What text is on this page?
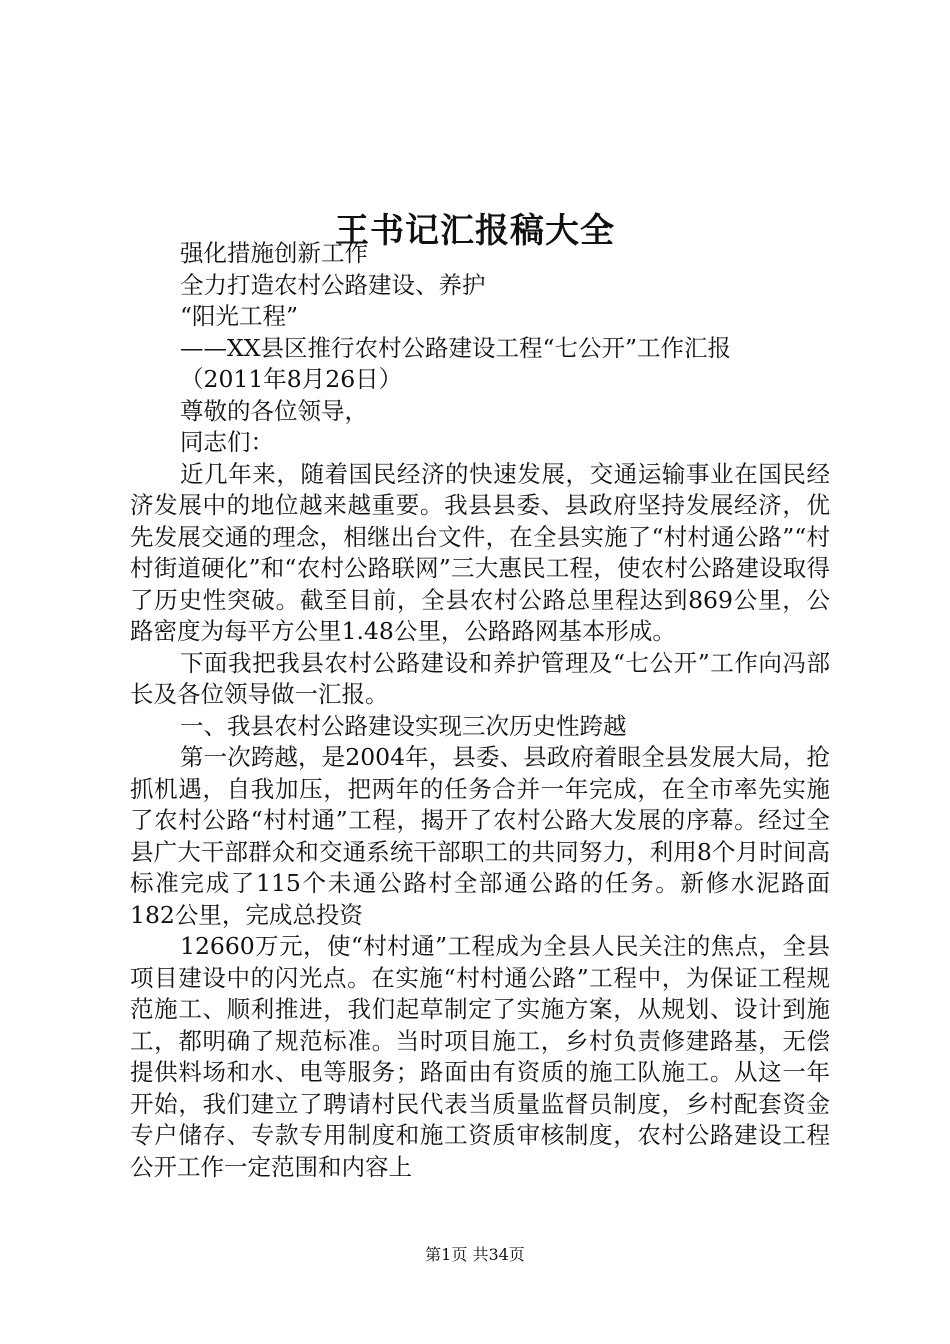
王书记汇报稿大全

强化措施创新工作

全力打造农村公路建设、养护

“阳光工程”

——XX县区推行农村公路建设工程“七公开”工作汇报

（2011年8月26日）

尊敬的各位领导，

同志们：

近几年来，随着国民经济的快速发展，交通运输事业在国民经济发展中的地位越来越重要。我县县委、县政府坚持发展经济，优先发展交通的理念，相继出台文件，在全县实施了“村村通公路”“村村街道硬化”和“农村公路联网”三大惠民工程，使农村公路建设取得了历史性突破。截至目前，全县农村公路总里程达到869公里，公路密度为每平方公里1.48公里，公路路网基本形成。

下面我把我县农村公路建设和养护管理及“七公开”工作向冯部长及各位领导做一汇报。

一、我县农村公路建设实现三次历史性跨越

第一次跨越，是2004年，县委、县政府着眼全县发展大局，抢抓机遇，自我加压，把两年的任务合并一年完成，在全市率先实施了农村公路“村村通”工程，揭开了农村公路大发展的序幕。经过全县广大干部群众和交通系统干部职工的共同努力，利用8个月时间高标准完成了115个未通公路村全部通公路的任务。新修水泥路面182公里，完成总投资

12660万元，使“村村通”工程成为全县人民关注的焦点，全县项目建设中的闪光点。在实施“村村通公路”工程中，为保证工程规范施工、顺利推进，我们起草制定了实施方案，从规划、设计到施工，都明确了规范标准。当时项目施工，乡村负责修建路基，无偿提供料场和水、电等服务；路面由有资质的施工队施工。从这一年开始，我们建立了聘请村民代表当质量监督员制度，乡村配套资金专户储存、专款专用制度和施工资质审核制度，农村公路建设工程公开工作一定范围和内容上

第1页 共34页
